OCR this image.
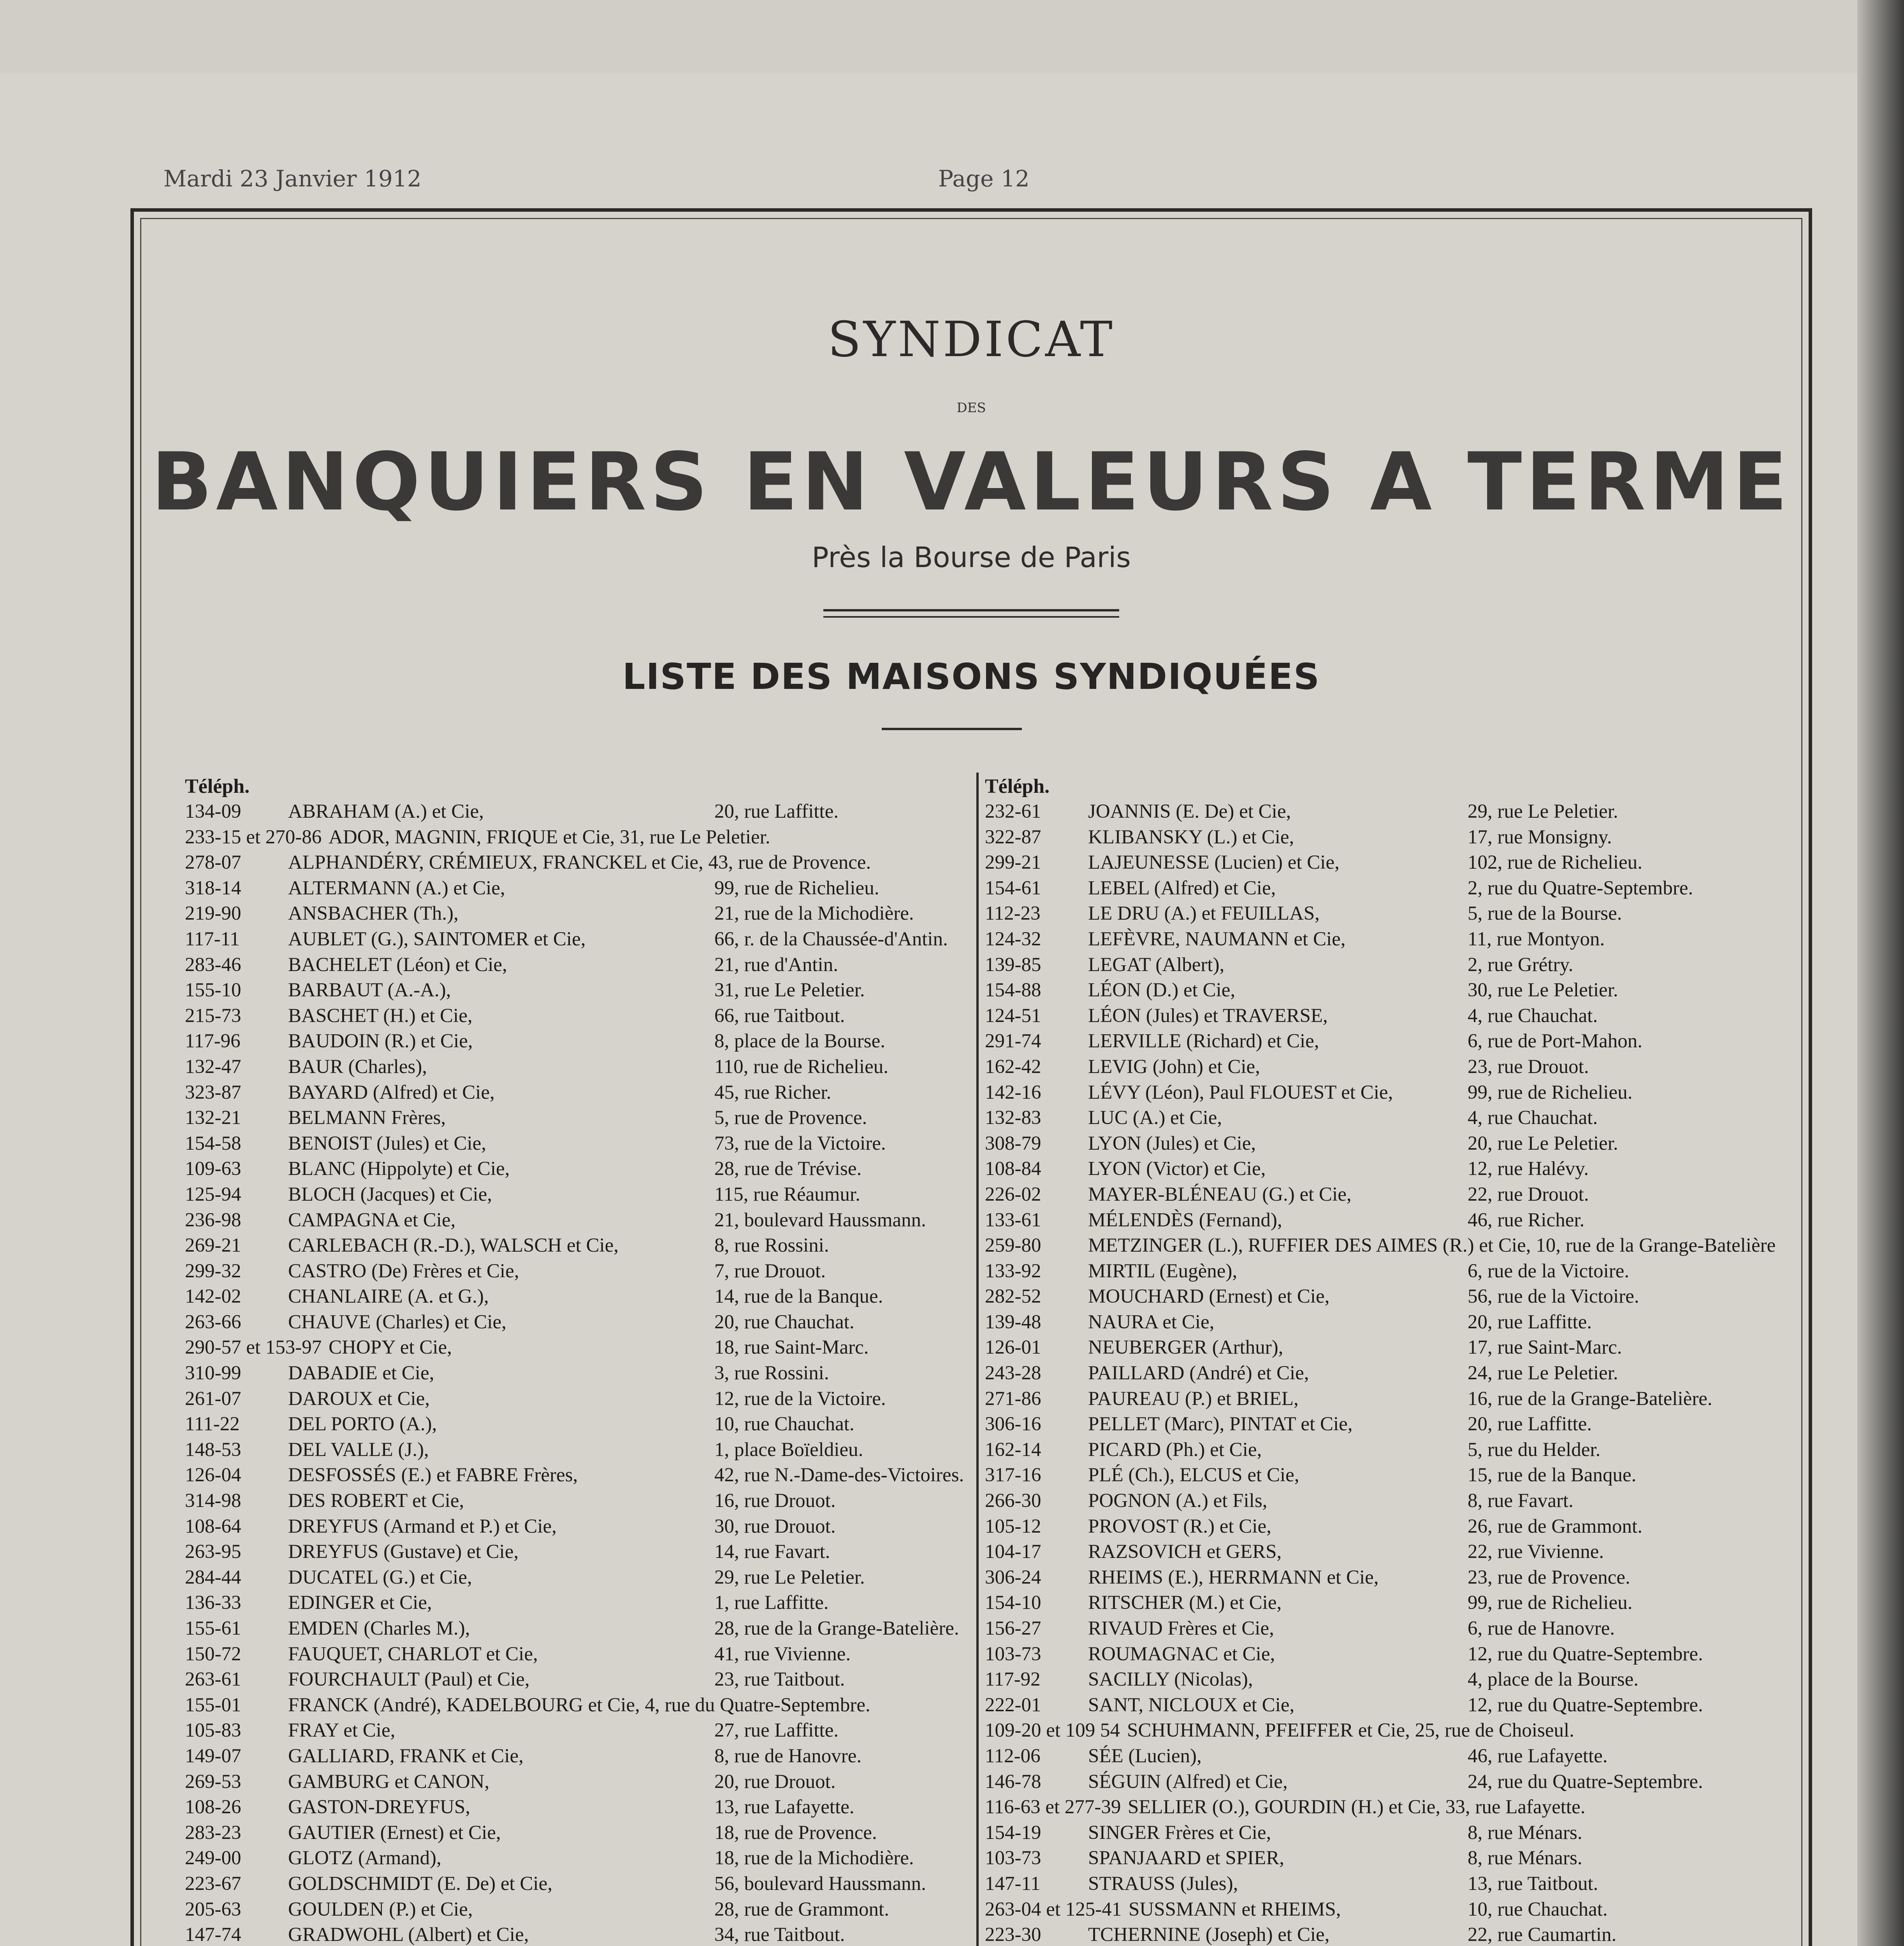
Mardi 23 Janvier 1912	Page 12
SYNDICAT
DES
BANQUIERS EN VALEURS A TERME
Près la Bourse de Paris
LISTE DES MAISONS SYNDIQUÉES
Téléph.
134-09 ABRAHAM (A.) et Cie,	20, rue Laffitte.
233-15 et 270-86 ADOR, MAGNIN, FRIQUE et Cie, 31, rue Le Peletier.
278-07 ALPHANDÉRY, CRÉMIEUX, FRANCKEL et Cie, 43, rue de Provence.
318-14 ALTERMANN (A.) et Cie,	99, rue de Richelieu.
219-90 ANSBACHER (Th.),	21, rue de la Michodière.
117-11 AUBLET (G.), SAINTOMER et Cie,	66, r. de la Chaussée-d'Antin.
283-46 BACHELET (Léon) et Cie,	21, rue d'Antin.
155-10 BARBAUT (A.-A.),	31, rue Le Peletier.
215-73 BASCHET (H.) et Cie,	66, rue Taitbout.
117-96 BAUDOIN (R.) et Cie,	8, place de la Bourse.
132-47 BAUR (Charles),	110, rue de Richelieu.
323-87 BAYARD (Alfred) et Cie,	45, rue Richer.
132-21 BELMANN Frères,	5, rue de Provence.
154-58 BENOIST (Jules) et Cie,	73, rue de la Victoire.
109-63 BLANC (Hippolyte) et Cie,	28, rue de Trévise.
125-94 BLOCH (Jacques) et Cie,	115, rue Réaumur.
236-98 CAMPAGNA et Cie,	21, boulevard Haussmann.
269-21 CARLEBACH (R.-D.), WALSCH et Cie,	8, rue Rossini.
299-32 CASTRO (De) Frères et Cie,	7, rue Drouot.
142-02 CHANLAIRE (A. et G.),	14, rue de la Banque.
263-66 CHAUVE (Charles) et Cie,	20, rue Chauchat.
290-57 et 153-97 CHOPY et Cie,	18, rue Saint-Marc.
310-99 DABADIE et Cie,	3, rue Rossini.
261-07 DAROUX et Cie,	12, rue de la Victoire.
111-22 DEL PORTO (A.),	10, rue Chauchat.
148-53 DEL VALLE (J.),	1, place Boïeldieu.
126-04 DESFOSSÉS (E.) et FABRE Frères,	42, rue N.-Dame-des-Victoires.
314-98 DES ROBERT et Cie,	16, rue Drouot.
108-64 DREYFUS (Armand et P.) et Cie,	30, rue Drouot.
263-95 DREYFUS (Gustave) et Cie,	14, rue Favart.
284-44 DUCATEL (G.) et Cie,	29, rue Le Peletier.
136-33 EDINGER et Cie,	1, rue Laffitte.
155-61 EMDEN (Charles M.),	28, rue de la Grange-Batelière.
150-72 FAUQUET, CHARLOT et Cie,	41, rue Vivienne.
263-61 FOURCHAULT (Paul) et Cie,	23, rue Taitbout.
155-01 FRANCK (André), KADELBOURG et Cie, 4, rue du Quatre-Septembre.
105-83 FRAY et Cie,	27, rue Laffitte.
149-07 GALLIARD, FRANK et Cie,	8, rue de Hanovre.
269-53 GAMBURG et CANON,	20, rue Drouot.
108-26 GASTON-DREYFUS,	13, rue Lafayette.
283-23 GAUTIER (Ernest) et Cie,	18, rue de Provence.
249-00 GLOTZ (Armand),	18, rue de la Michodière.
223-67 GOLDSCHMIDT (E. De) et Cie,	56, boulevard Haussmann.
205-63 GOULDEN (P.) et Cie,	28, rue de Grammont.
147-74 GRADWOHL (Albert) et Cie,	34, rue Taitbout.
Téléph.
232-61 JOANNIS (E. De) et Cie,	29, rue Le Peletier.
322-87 KLIBANSKY (L.) et Cie,	17, rue Monsigny.
299-21 LAJEUNESSE (Lucien) et Cie,	102, rue de Richelieu.
154-61 LEBEL (Alfred) et Cie,	2, rue du Quatre-Septembre.
112-23 LE DRU (A.) et FEUILLAS,	5, rue de la Bourse.
124-32 LEFÈVRE, NAUMANN et Cie,	11, rue Montyon.
139-85 LEGAT (Albert),	2, rue Grétry.
154-88 LÉON (D.) et Cie,	30, rue Le Peletier.
124-51 LÉON (Jules) et TRAVERSE,	4, rue Chauchat.
291-74 LERVILLE (Richard) et Cie,	6, rue de Port-Mahon.
162-42 LEVIG (John) et Cie,	23, rue Drouot.
142-16 LÉVY (Léon), Paul FLOUEST et Cie,	99, rue de Richelieu.
132-83 LUC (A.) et Cie,	4, rue Chauchat.
308-79 LYON (Jules) et Cie,	20, rue Le Peletier.
108-84 LYON (Victor) et Cie,	12, rue Halévy.
226-02 MAYER-BLÉNEAU (G.) et Cie,	22, rue Drouot.
133-61 MÉLENDÈS (Fernand),	46, rue Richer.
259-80 METZINGER (L.), RUFFIER DES AIMES (R.) et Cie, 10, rue de la Grange-Batelière
133-92 MIRTIL (Eugène),	6, rue de la Victoire.
282-52 MOUCHARD (Ernest) et Cie,	56, rue de la Victoire.
139-48 NAURA et Cie,	20, rue Laffitte.
126-01 NEUBERGER (Arthur),	17, rue Saint-Marc.
243-28 PAILLARD (André) et Cie,	24, rue Le Peletier.
271-86 PAUREAU (P.) et BRIEL,	16, rue de la Grange-Batelière.
306-16 PELLET (Marc), PINTAT et Cie,	20, rue Laffitte.
162-14 PICARD (Ph.) et Cie,	5, rue du Helder.
317-16 PLÉ (Ch.), ELCUS et Cie,	15, rue de la Banque.
266-30 POGNON (A.) et Fils,	8, rue Favart.
105-12 PROVOST (R.) et Cie,	26, rue de Grammont.
104-17 RAZSOVICH et GERS,	22, rue Vivienne.
306-24 RHEIMS (E.), HERRMANN et Cie,	23, rue de Provence.
154-10 RITSCHER (M.) et Cie,	99, rue de Richelieu.
156-27 RIVAUD Frères et Cie,	6, rue de Hanovre.
103-73 ROUMAGNAC et Cie,	12, rue du Quatre-Septembre.
117-92 SACILLY (Nicolas),	4, place de la Bourse.
222-01 SANT, NICLOUX et Cie,	12, rue du Quatre-Septembre.
109-20 et 109 54 SCHUHMANN, PFEIFFER et Cie, 25, rue de Choiseul.
112-06 SÉE (Lucien),	46, rue Lafayette.
146-78 SÉGUIN (Alfred) et Cie,	24, rue du Quatre-Septembre.
116-63 et 277-39 SELLIER (O.), GOURDIN (H.) et Cie, 33, rue Lafayette.
154-19 SINGER Frères et Cie,	8, rue Ménars.
103-73 SPANJAARD et SPIER,	8, rue Ménars.
147-11 STRAUSS (Jules),	13, rue Taitbout.
263-04 et 125-41 SUSSMANN et RHEIMS,	10, rue Chauchat.
223-30 TCHERNINE (Joseph) et Cie,	22, rue Caumartin.
